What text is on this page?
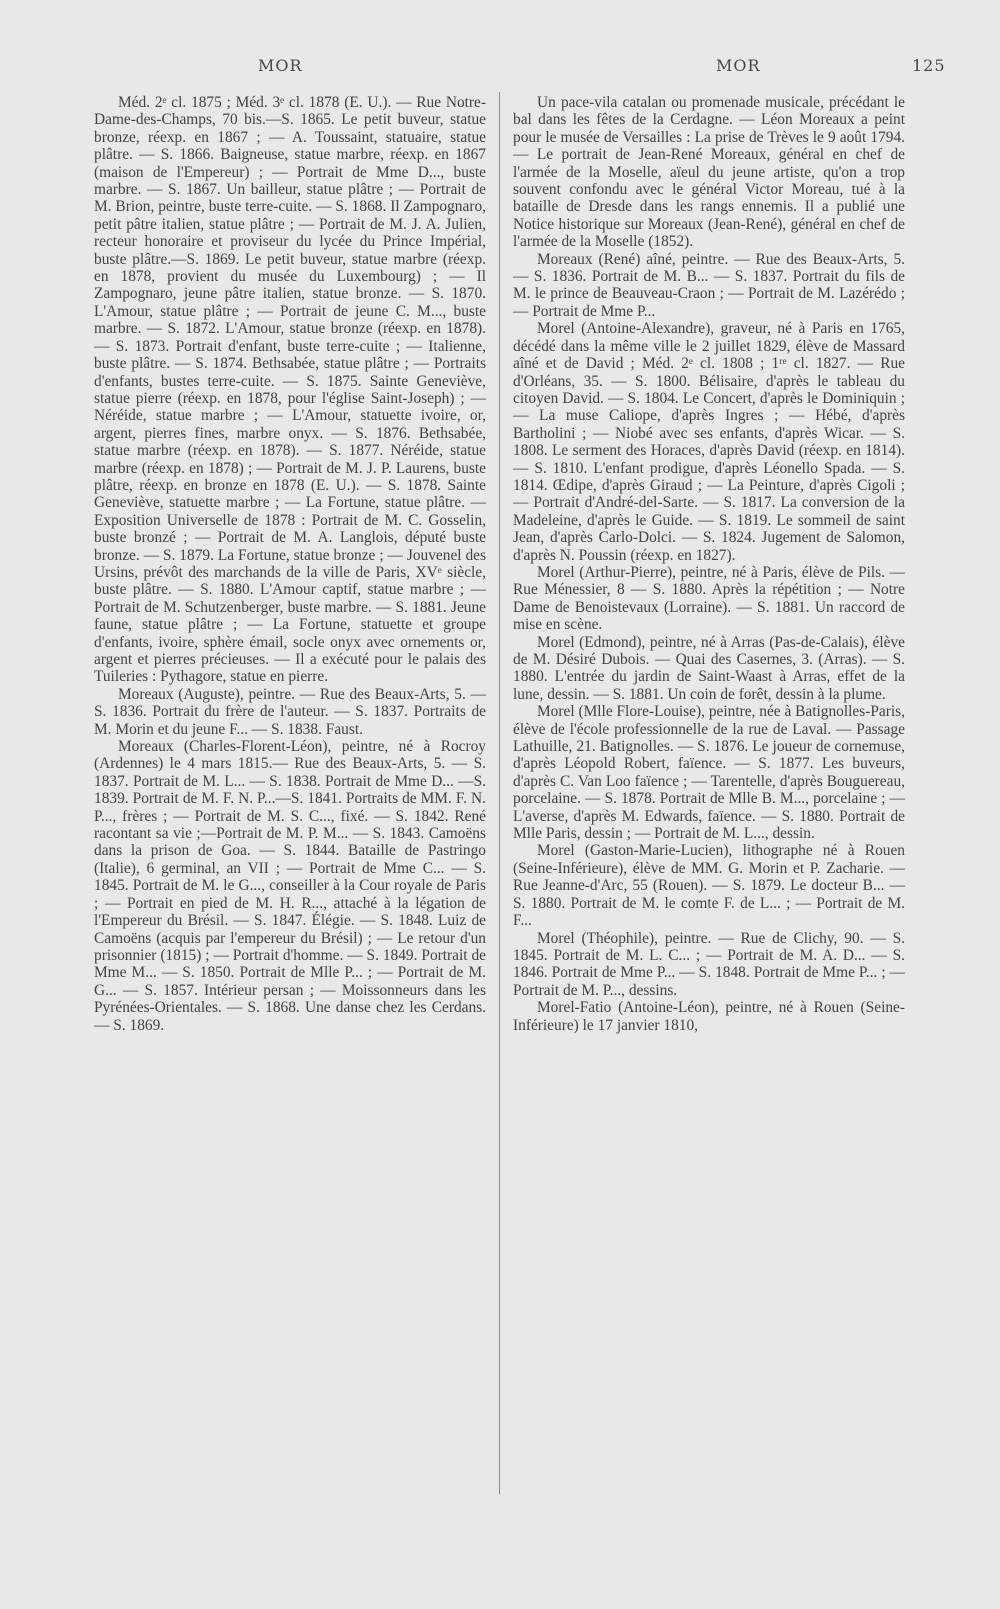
MOR	MOR	125

Méd. 2ᵉ cl. 1875 ; Méd. 3ᵉ cl. 1878 (E. U.). — Rue Notre-Dame-des-Champs, 70 bis.—S. 1865. Le petit buveur, statue bronze, réexp. en 1867 ; — A. Toussaint, statuaire, statue plâtre. — S. 1866. Baigneuse, statue marbre, réexp. en 1867 (maison de l'Empereur) ; — Portrait de Mme D..., buste marbre. — S. 1867. Un bailleur, statue plâtre ; — Portrait de M. Brion, peintre, buste terre-cuite. — S. 1868. Il Zampognaro, petit pâtre italien, statue plâtre ; — Portrait de M. J. A. Julien, recteur honoraire et proviseur du lycée du Prince Impérial, buste plâtre.—S. 1869. Le petit buveur, statue marbre (réexp. en 1878, provient du musée du Luxembourg) ; — Il Zampognaro, jeune pâtre italien, statue bronze. — S. 1870. L'Amour, statue plâtre ; — Portrait de jeune C. M..., buste marbre. — S. 1872. L'Amour, statue bronze (réexp. en 1878). — S. 1873. Portrait d'enfant, buste terre-cuite ; — Italienne, buste plâtre. — S. 1874. Bethsabée, statue plâtre ; — Portraits d'enfants, bustes terre-cuite. — S. 1875. Sainte Geneviève, statue pierre (réexp. en 1878, pour l'église Saint-Joseph) ; — Néréide, statue marbre ; — L'Amour, statuette ivoire, or, argent, pierres fines, marbre onyx. — S. 1876. Bethsabée, statue marbre (réexp. en 1878). — S. 1877. Néréide, statue marbre (réexp. en 1878) ; — Portrait de M. J. P. Laurens, buste plâtre, réexp. en bronze en 1878 (E. U.). — S. 1878. Sainte Geneviève, statuette marbre ; — La Fortune, statue plâtre. — Exposition Universelle de 1878 : Portrait de M. C. Gosselin, buste bronzé ; — Portrait de M. A. Langlois, député buste bronze. — S. 1879. La Fortune, statue bronze ; — Jouvenel des Ursins, prévôt des marchands de la ville de Paris, XVᵉ siècle, buste plâtre. — S. 1880. L'Amour captif, statue marbre ; — Portrait de M. Schutzenberger, buste marbre. — S. 1881. Jeune faune, statue plâtre ; — La Fortune, statuette et groupe d'enfants, ivoire, sphère émail, socle onyx avec ornements or, argent et pierres précieuses. — Il a exécuté pour le palais des Tuileries : Pythagore, statue en pierre.

Moreaux (Auguste), peintre. — Rue des Beaux-Arts, 5. — S. 1836. Portrait du frère de l'auteur. — S. 1837. Portraits de M. Morin et du jeune F... — S. 1838. Faust.

Moreaux (Charles-Florent-Léon), peintre, né à Rocroy (Ardennes) le 4 mars 1815.— Rue des Beaux-Arts, 5. — S. 1837. Portrait de M. L... — S. 1838. Portrait de Mme D... —S. 1839. Portrait de M. F. N. P...—S. 1841. Portraits de MM. F. N. P..., frères ; — Portrait de M. S. C..., fixé. — S. 1842. René racontant sa vie ;—Portrait de M. P. M... — S. 1843. Camoëns dans la prison de Goa. — S. 1844. Bataille de Pastringo (Italie), 6 germinal, an VII ; — Portrait de Mme C... — S. 1845. Portrait de M. le G..., conseiller à la Cour royale de Paris ; — Portrait en pied de M. H. R..., attaché à la légation de l'Empereur du Brésil. — S. 1847. Élégie. — S. 1848. Luiz de Camoëns (acquis par l'empereur du Brésil) ; — Le retour d'un prisonnier (1815) ; — Portrait d'homme. — S. 1849. Portrait de Mme M... — S. 1850. Portrait de Mlle P... ; — Portrait de M. G... — S. 1857. Intérieur persan ; — Moissonneurs dans les Pyrénées-Orientales. — S. 1868. Une danse chez les Cerdans. — S. 1869.

Un pace-vila catalan ou promenade musicale, précédant le bal dans les fêtes de la Cerdagne. — Léon Moreaux a peint pour le musée de Versailles : La prise de Trèves le 9 août 1794. — Le portrait de Jean-René Moreaux, général en chef de l'armée de la Moselle, aïeul du jeune artiste, qu'on a trop souvent confondu avec le général Victor Moreau, tué à la bataille de Dresde dans les rangs ennemis. Il a publié une Notice historique sur Moreaux (Jean-René), général en chef de l'armée de la Moselle (1852).

Moreaux (René) aîné, peintre. — Rue des Beaux-Arts, 5. — S. 1836. Portrait de M. B... — S. 1837. Portrait du fils de M. le prince de Beauveau-Craon ; — Portrait de M. Lazérédo ;— Portrait de Mme P...

Morel (Antoine-Alexandre), graveur, né à Paris en 1765, décédé dans la même ville le 2 juillet 1829, élève de Massard aîné et de David ; Méd. 2ᵉ cl. 1808 ; 1ʳᵉ cl. 1827. — Rue d'Orléans, 35. — S. 1800. Bélisaire, d'après le tableau du citoyen David. — S. 1804. Le Concert, d'après le Dominiquin ; — La muse Caliope, d'après Ingres ; — Hébé, d'après Bartholini ; — Niobé avec ses enfants, d'après Wicar. — S. 1808. Le serment des Horaces, d'après David (réexp. en 1814). — S. 1810. L'enfant prodigue, d'après Léonello Spada. — S. 1814. Œdipe, d'après Giraud ; — La Peinture, d'après Cigoli ; — Portrait d'André-del-Sarte. — S. 1817. La conversion de la Madeleine, d'après le Guide. — S. 1819. Le sommeil de saint Jean, d'après Carlo-Dolci. — S. 1824. Jugement de Salomon, d'après N. Poussin (réexp. en 1827).

Morel (Arthur-Pierre), peintre, né à Paris, élève de Pils. — Rue Ménessier, 8 — S. 1880. Après la répétition ; — Notre Dame de Benoistevaux (Lorraine). — S. 1881. Un raccord de mise en scène.

Morel (Edmond), peintre, né à Arras (Pas-de-Calais), élève de M. Désiré Dubois. — Quai des Casernes, 3. (Arras). — S. 1880. L'entrée du jardin de Saint-Waast à Arras, effet de la lune, dessin. — S. 1881. Un coin de forêt, dessin à la plume.

Morel (Mlle Flore-Louise), peintre, née à Batignolles-Paris, élève de l'école professionnelle de la rue de Laval. — Passage Lathuille, 21. Batignolles. — S. 1876. Le joueur de cornemuse, d'après Léopold Robert, faïence. — S. 1877. Les buveurs, d'après C. Van Loo faïence ; — Tarentelle, d'après Bouguereau, porcelaine. — S. 1878. Portrait de Mlle B. M..., porcelaine ; — L'averse, d'après M. Edwards, faïence. — S. 1880. Portrait de Mlle Paris, dessin ; — Portrait de M. L..., dessin.

Morel (Gaston-Marie-Lucien), lithographe né à Rouen (Seine-Inférieure), élève de MM. G. Morin et P. Zacharie. — Rue Jeanne-d'Arc, 55 (Rouen). — S. 1879. Le docteur B... — S. 1880. Portrait de M. le comte F. de L... ; — Portrait de M. F...

Morel (Théophile), peintre. — Rue de Clichy, 90. — S. 1845. Portrait de M. L. C... ; — Portrait de M. A. D... — S. 1846. Portrait de Mme P... — S. 1848. Portrait de Mme P... ; — Portrait de M. P..., dessins.

Morel-Fatio (Antoine-Léon), peintre, né à Rouen (Seine-Inférieure) le 17 janvier 1810,
